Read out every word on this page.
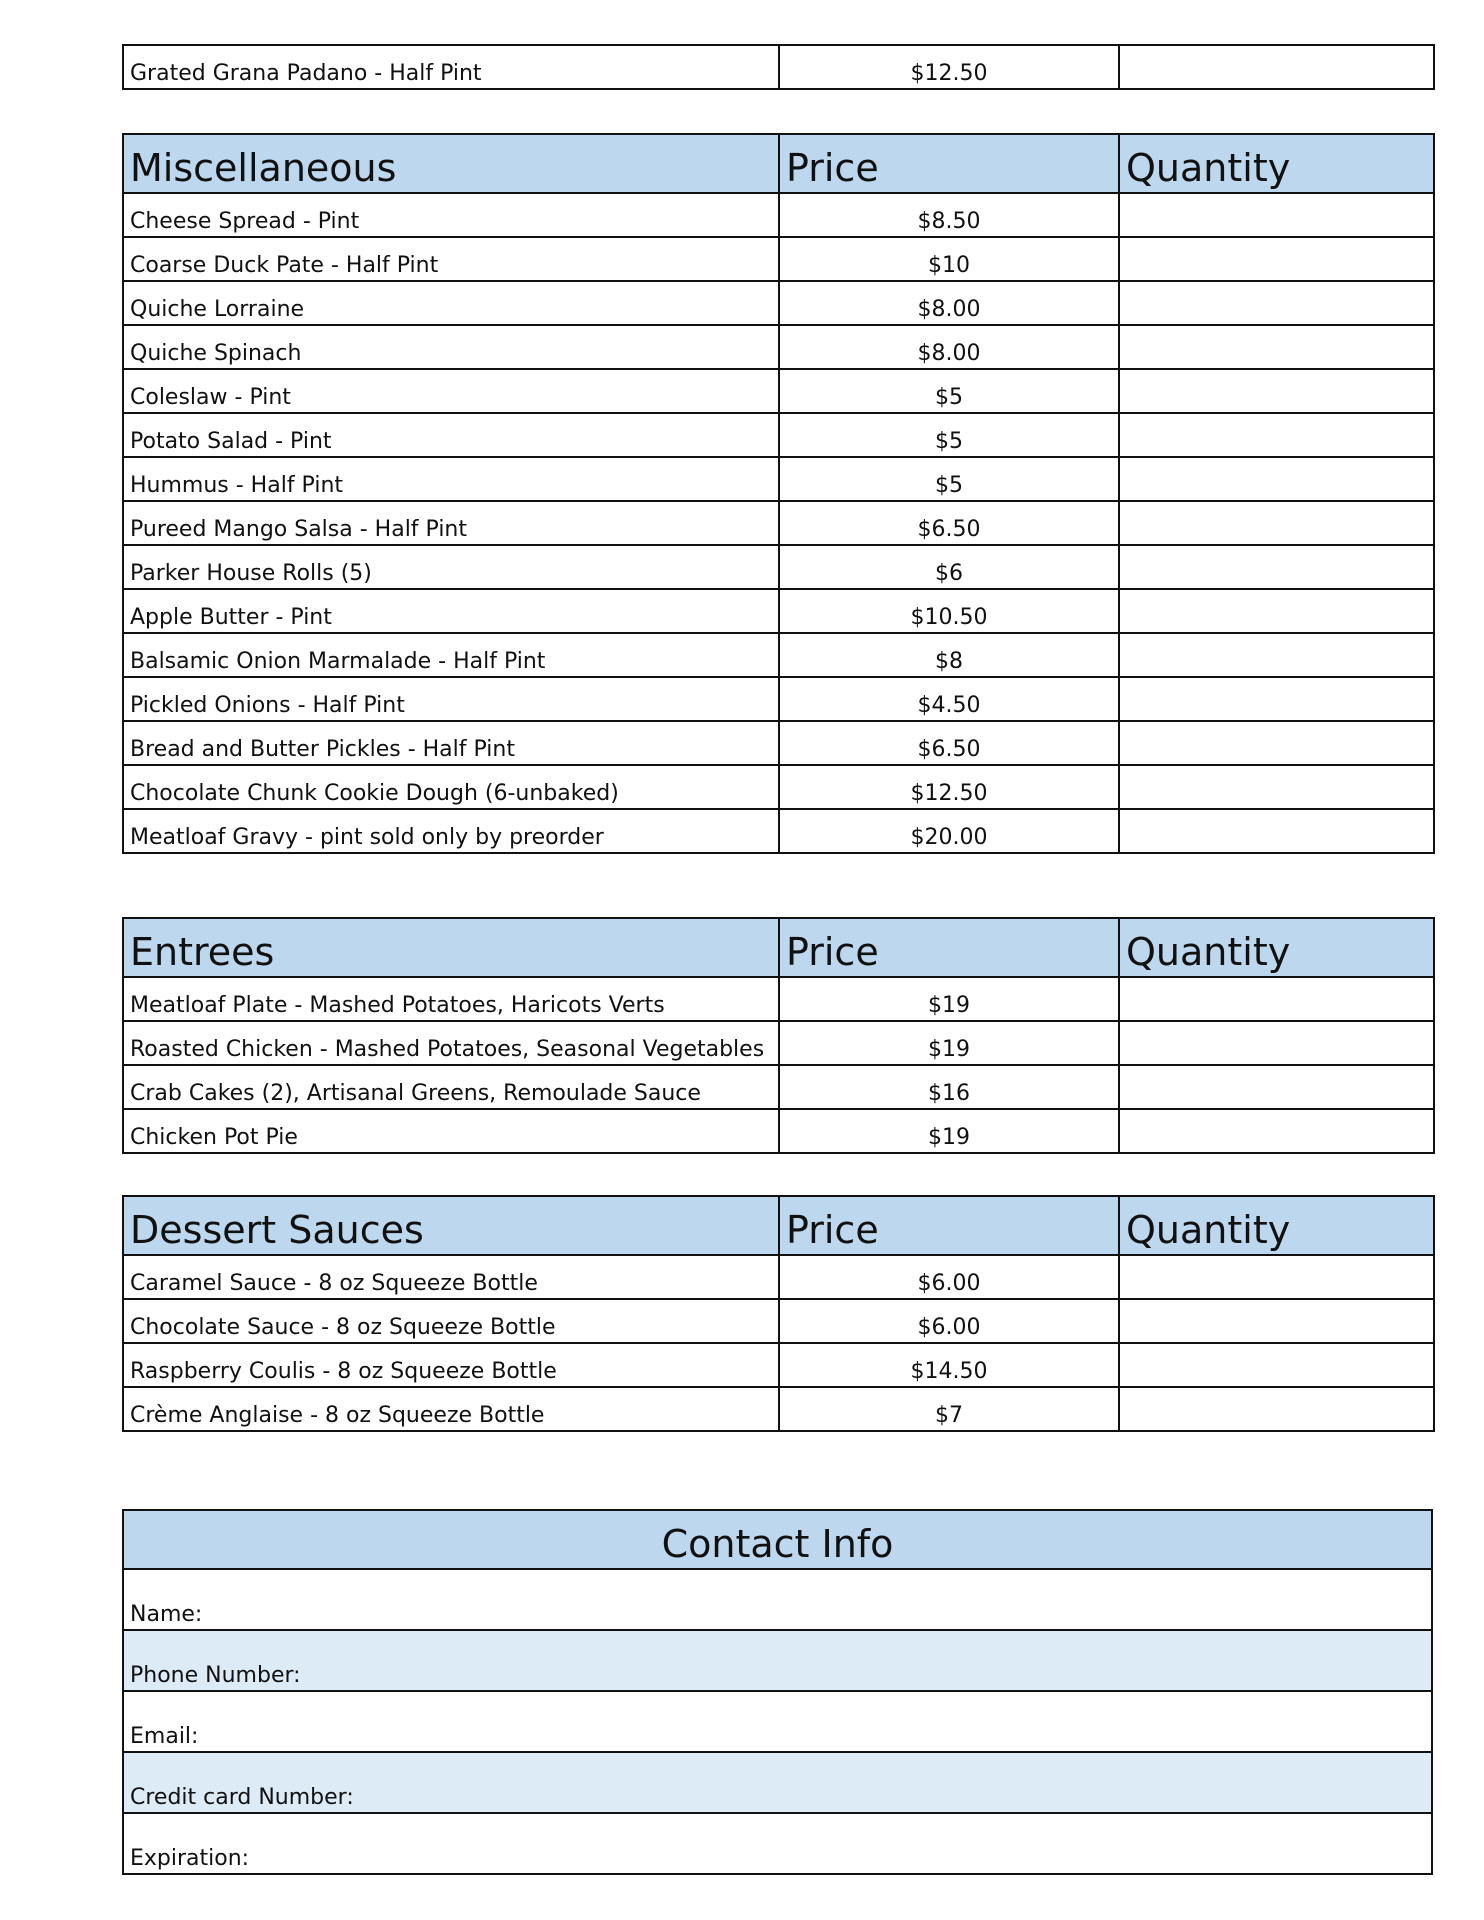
Grated Grana Padano - Half Pint	$12.50	
Miscellaneous	Price	Quantity
Cheese Spread - Pint	$8.50	
Coarse Duck Pate - Half Pint	$10	
Quiche Lorraine	$8.00	
Quiche Spinach	$8.00	
Coleslaw - Pint	$5	
Potato Salad - Pint	$5	
Hummus - Half Pint	$5	
Pureed Mango Salsa - Half Pint	$6.50	
Parker House Rolls (5)	$6	
Apple Butter - Pint	$10.50	
Balsamic Onion Marmalade - Half Pint	$8	
Pickled Onions - Half Pint	$4.50	
Bread and Butter Pickles - Half Pint	$6.50	
Chocolate Chunk Cookie Dough (6-unbaked)	$12.50	
Meatloaf Gravy - pint sold only by preorder	$20.00	
Entrees	Price	Quantity
Meatloaf Plate - Mashed Potatoes, Haricots Verts	$19	
Roasted Chicken - Mashed Potatoes, Seasonal Vegetables	$19	
Crab Cakes (2), Artisanal Greens, Remoulade Sauce	$16	
Chicken Pot Pie	$19	
Dessert Sauces	Price	Quantity
Caramel Sauce - 8 oz Squeeze Bottle	$6.00	
Chocolate Sauce - 8 oz Squeeze Bottle	$6.00	
Raspberry Coulis - 8 oz Squeeze Bottle	$14.50	
Crème Anglaise - 8 oz Squeeze Bottle	$7	
Contact Info
Name:
Phone Number:
Email:
Credit card Number:
Expiration:
